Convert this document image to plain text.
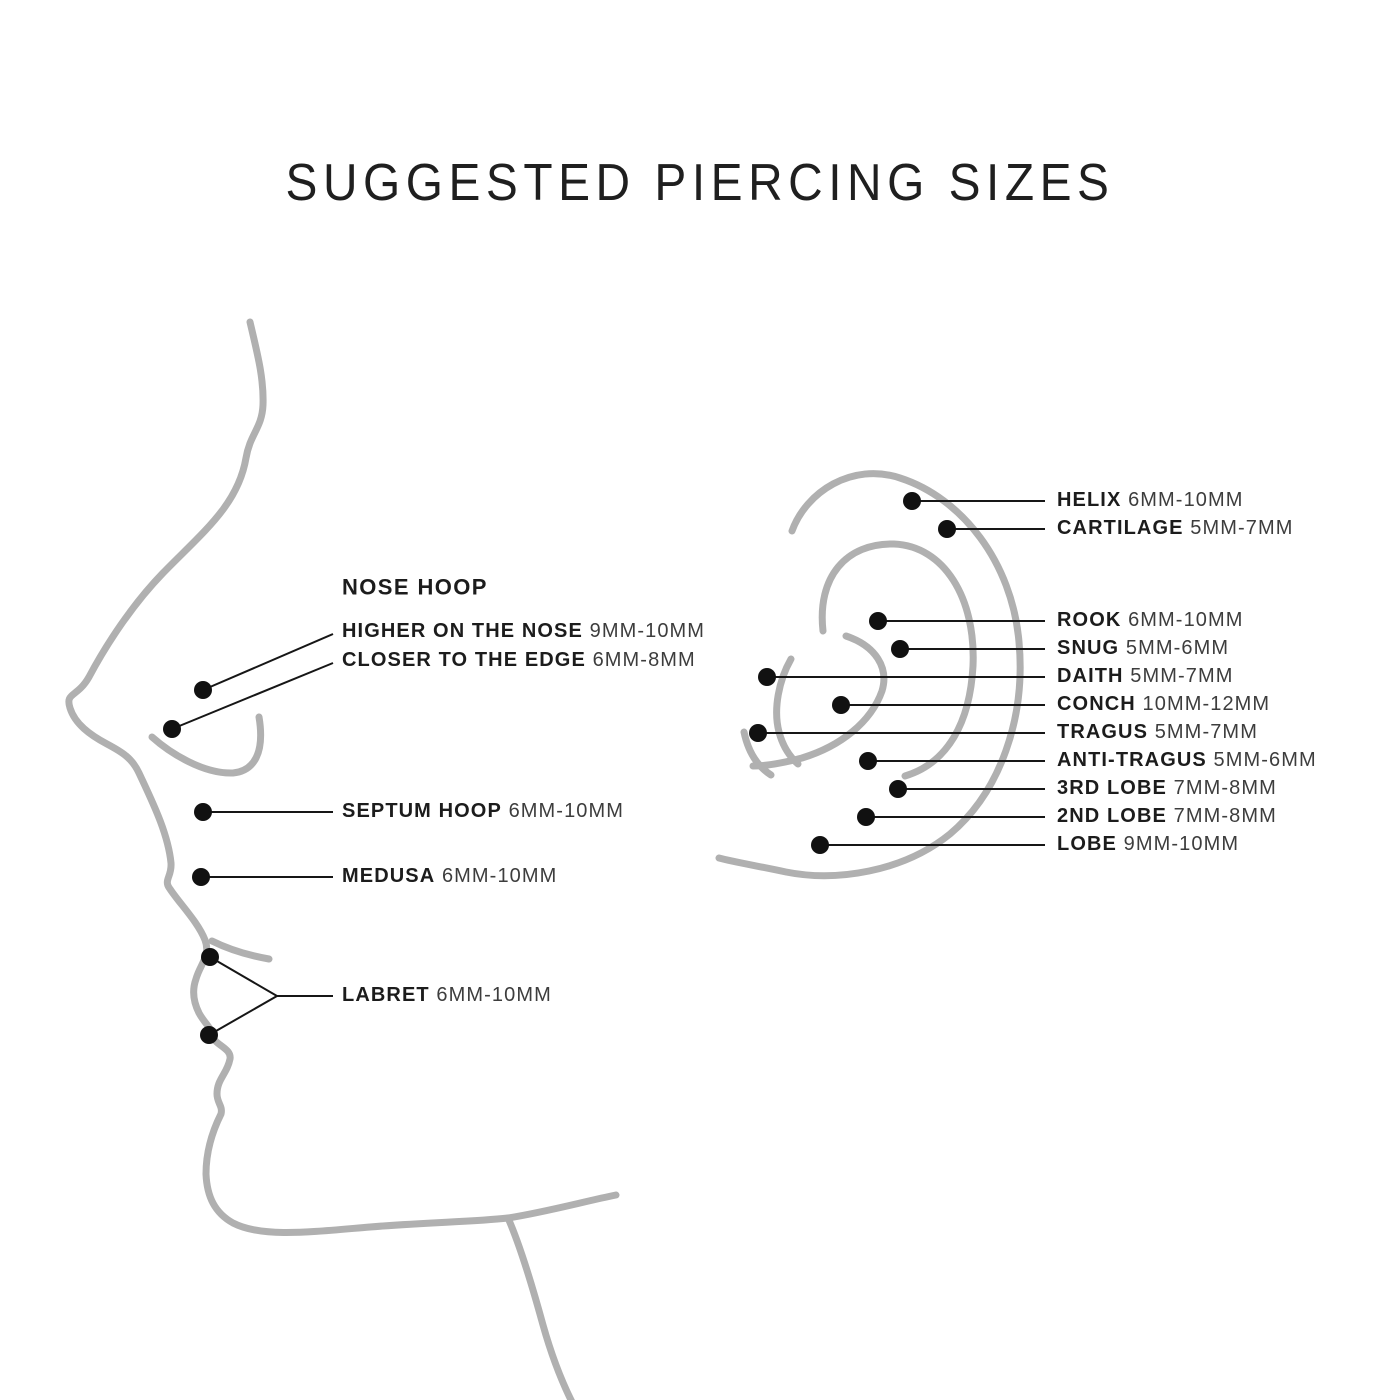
SUGGESTED PIERCING SIZES
NOSE HOOP
HIGHER ON THE NOSE 9MM-10MM
CLOSER TO THE EDGE 6MM-8MM
SEPTUM HOOP 6MM-10MM
MEDUSA 6MM-10MM
LABRET 6MM-10MM
HELIX 6MM-10MM
CARTILAGE 5MM-7MM
ROOK 6MM-10MM
SNUG 5MM-6MM
DAITH 5MM-7MM
CONCH 10MM-12MM
TRAGUS 5MM-7MM
ANTI-TRAGUS 5MM-6MM
3RD LOBE 7MM-8MM
2ND LOBE 7MM-8MM
LOBE 9MM-10MM
